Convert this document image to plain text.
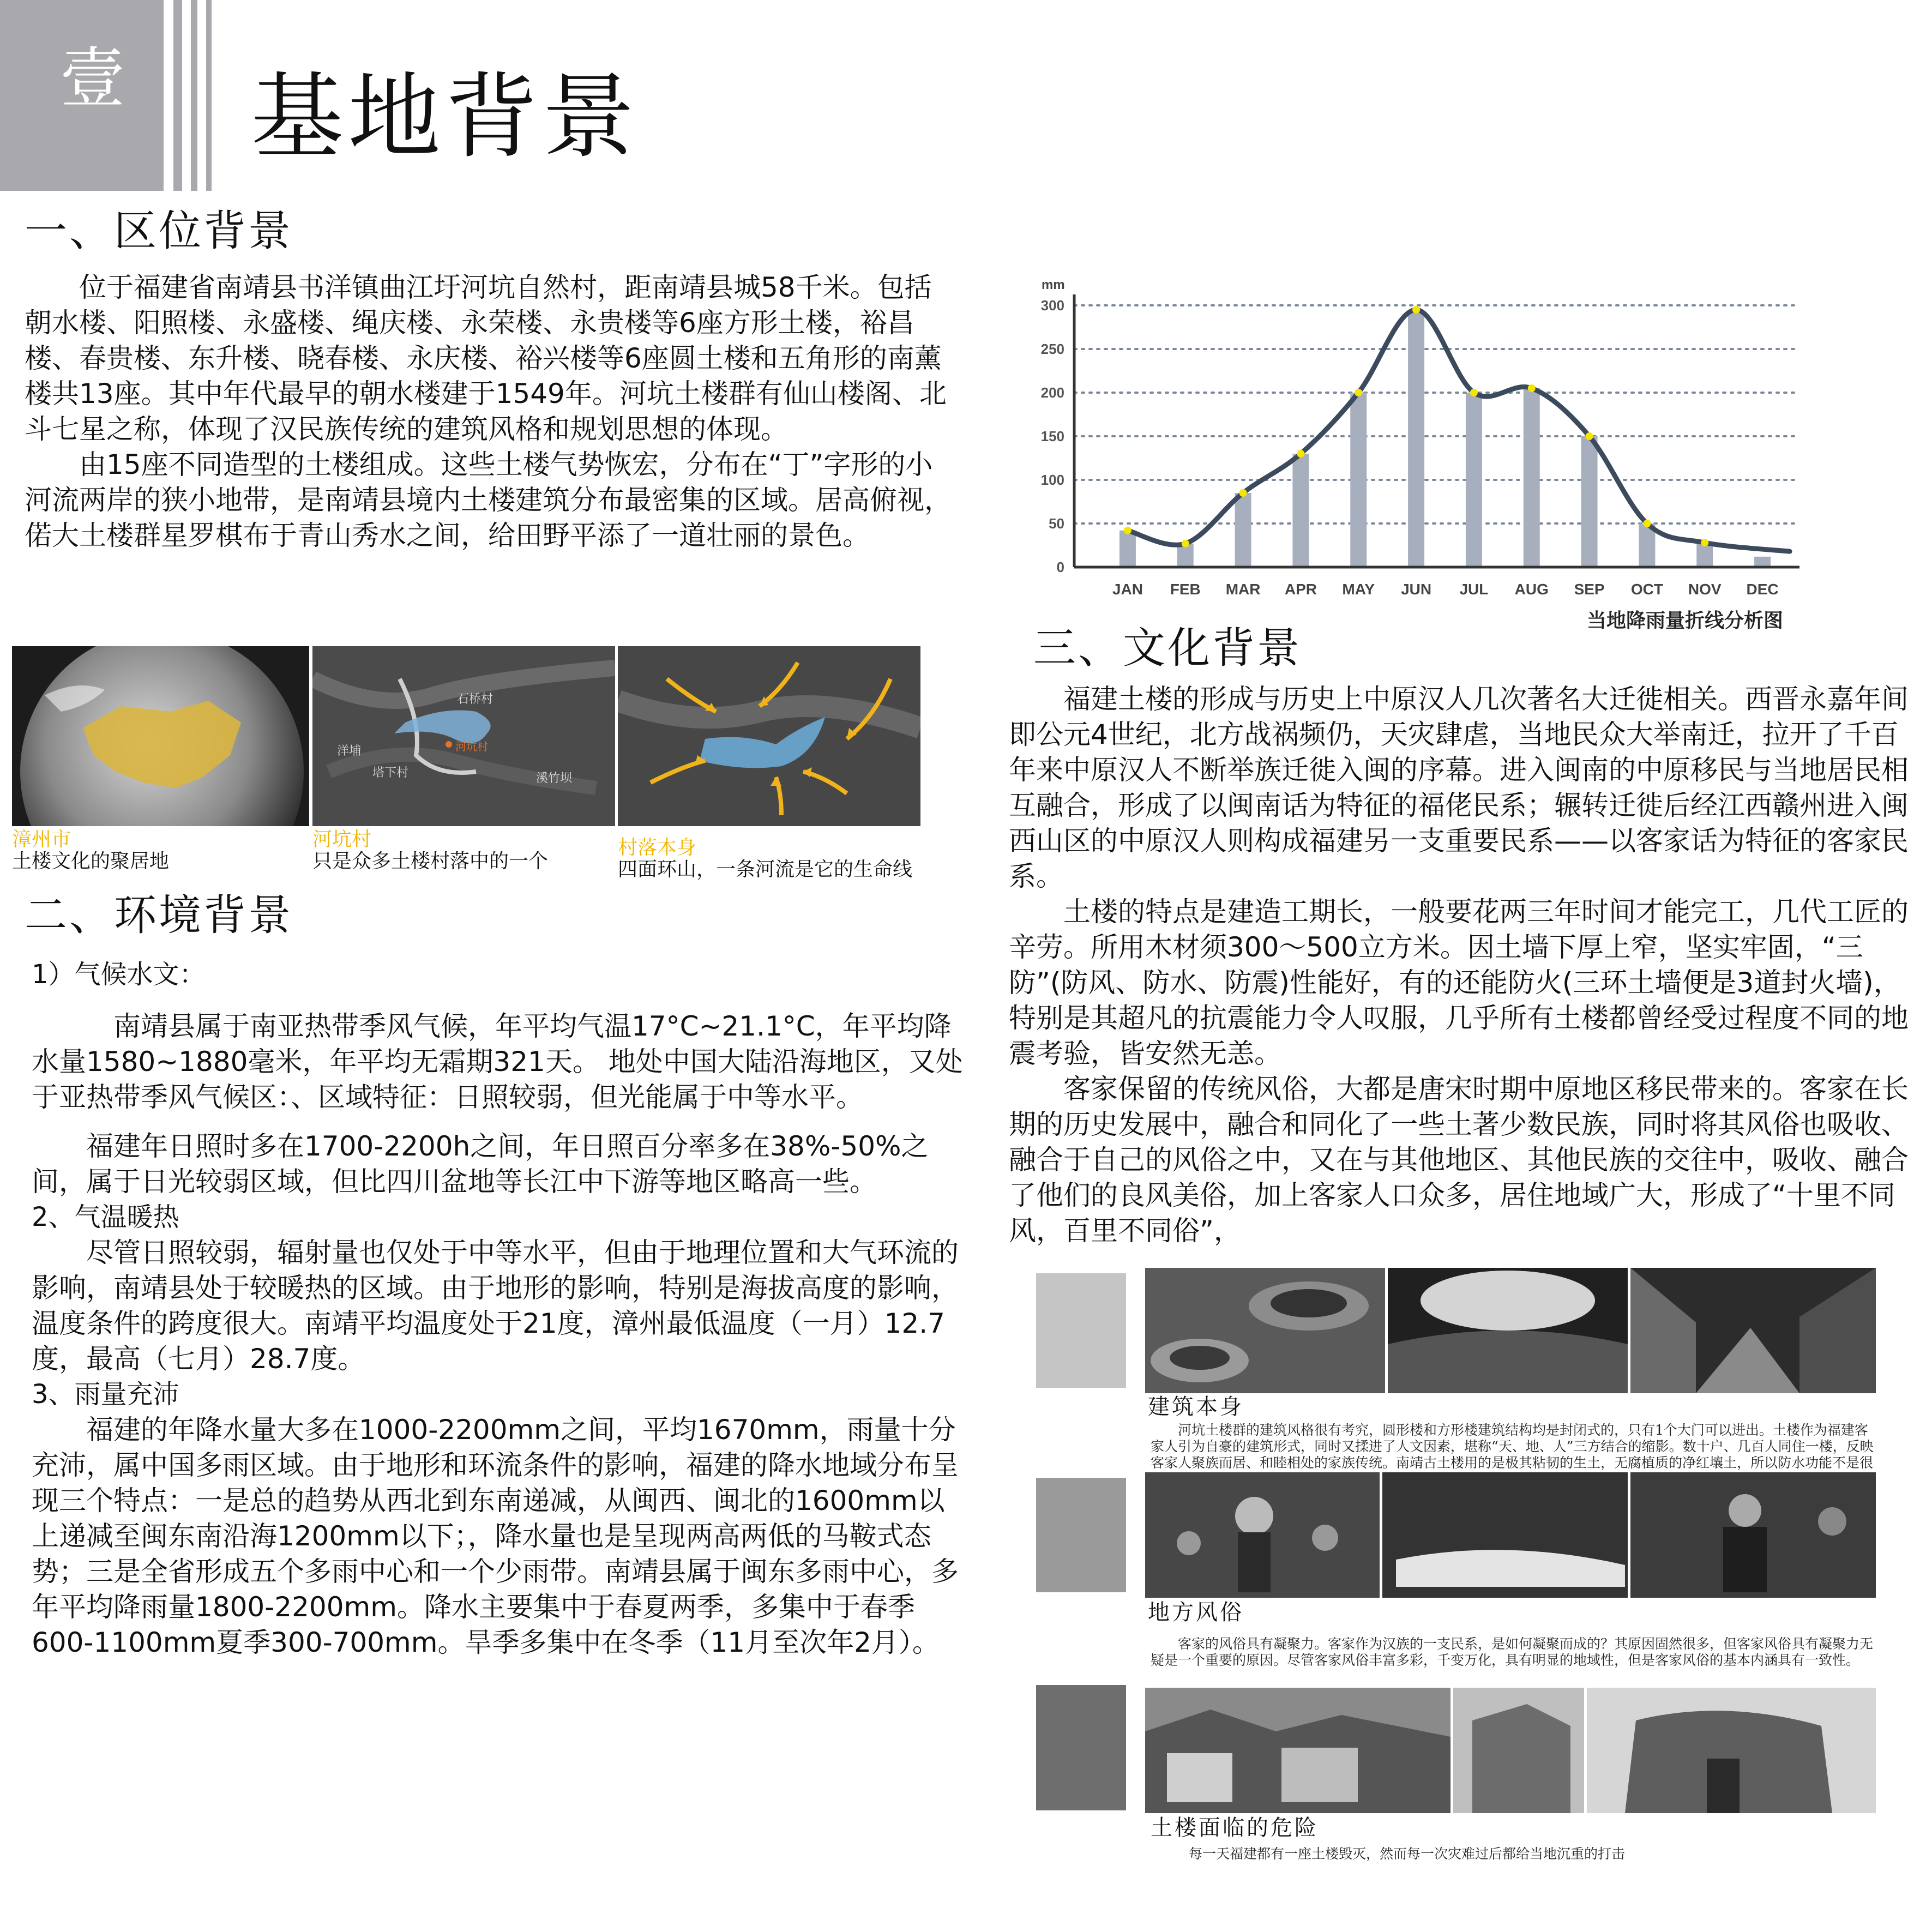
壹 基地背景
一、区位背景

位于福建省南靖县书洋镇曲江圩河坑自然村，距南靖县城58千米。包括朝水楼、阳照楼、永盛楼、绳庆楼、永荣楼、永贵楼等6座方形土楼，裕昌楼、春贵楼、东升楼、晓春楼、永庆楼、裕兴楼等6座圆土楼和五角形的南薰楼共13座。其中年代最早的朝水楼建于1549年。河坑土楼群有仙山楼阁、北斗七星之称，体现了汉民族传统的建筑风格和规划思想的体现。

由15座不同造型的土楼组成。这些土楼气势恢宏，分布在“丁”字形的小河流两岸的狭小地带，是南靖县境内土楼建筑分布最密集的区域。居高俯视，偌大土楼群星罗棋布于青山秀水之间，给田野平添了一道壮丽的景色。

石桥村
洋埔	河坑村
塔下村	溪竹坝
漳州市
土楼文化的聚居地
河坑村
只是众多土楼村落中的一个
村落本身
四面环山，一条河流是它的生命线
二、环境背景

1）气候水文：

南靖县属于南亚热带季风气候，年平均气温17°C~21.1°C，年平均降水量1580~1880毫米，年平均无霜期321天。 地处中国大陆沿海地区，又处于亚热带季风气候区：、区域特征：日照较弱，但光能属于中等水平。

福建年日照时多在1700-2200h之间，年日照百分率多在38%-50%之间，属于日光较弱区域，但比四川盆地等长江中下游等地区略高一些。

2、气温暖热

尽管日照较弱，辐射量也仅处于中等水平，但由于地理位置和大气环流的影响，南靖县处于较暖热的区域。由于地形的影响，特别是海拔高度的影响，温度条件的跨度很大。南靖平均温度处于21度，漳州最低温度（一月）12.7度，最高（七月）28.7度。

3、雨量充沛

福建的年降水量大多在1000-2200mm之间，平均1670mm，雨量十分充沛，属中国多雨区域。由于地形和环流条件的影响，福建的降水地域分布呈现三个特点：一是总的趋势从西北到东南递减，从闽西、闽北的1600mm以上递减至闽东南沿海1200mm以下；，降水量也是呈现两高两低的马鞍式态势；三是全省形成五个多雨中心和一个少雨带。南靖县属于闽东多雨中心，多年平均降雨量1800-2200mm。降水主要集中于春夏两季，多集中于春季600-1100mm夏季300-700mm。旱季多集中在冬季（11月至次年2月）。

0
50
100
150
200
250
300
JAN FEB MAR APR MAY JUN JUL AUG SEP OCT NOV DEC
mm
当地降雨量折线分析图
三、文化背景

福建土楼的形成与历史上中原汉人几次著名大迁徙相关。西晋永嘉年间即公元4世纪，北方战祸频仍，天灾肆虐，当地民众大举南迁，拉开了千百年来中原汉人不断举族迁徙入闽的序幕。进入闽南的中原移民与当地居民相互融合，形成了以闽南话为特征的福佬民系；辗转迁徙后经江西赣州进入闽西山区的中原汉人则构成福建另一支重要民系——以客家话为特征的客家民系。

土楼的特点是建造工期长，一般要花两三年时间才能完工，几代工匠的辛劳。所用木材须300～500立方米。因土墙下厚上窄，坚实牢固，“三防”(防风、防水、防震)性能好，有的还能防火(三环土墙便是3道封火墙)，特别是其超凡的抗震能力令人叹服，几乎所有土楼都曾经受过程度不同的地震考验，皆安然无恙。

客家保留的传统风俗，大都是唐宋时期中原地区移民带来的。客家在长期的历史发展中，融合和同化了一些土著少数民族，同时将其风俗也吸收、融合于自己的风俗之中，又在与其他地区、其他民族的交往中，吸收、融合了他们的良风美俗，加上客家人口众多，居住地域广大，形成了“十里不同风，百里不同俗”，

建筑本身
河坑土楼群的建筑风格很有考究，圆形楼和方形楼建筑结构均是封闭式的，只有1个大门可以进出。土楼作为福建客家人引为自豪的建筑形式，同时又揉进了人文因素，堪称“天、地、人”三方结合的缩影。数十户、几百人同住一楼，反映客家人聚族而居、和睦相处的家族传统。南靖古土楼用的是极其粘韧的生土，无腐植质的净红壤土，所以防水功能不是很
地方风俗
客家的风俗具有凝聚力。客家作为汉族的一支民系，是如何凝聚而成的？其原因固然很多，但客家风俗具有凝聚力无疑是一个重要的原因。尽管客家风俗丰富多彩，千变万化，具有明显的地域性，但是客家风俗的基本内涵具有一致性。
土楼面临的危险
每一天福建都有一座土楼毁灭，然而每一次灾难过后都给当地沉重的打击
